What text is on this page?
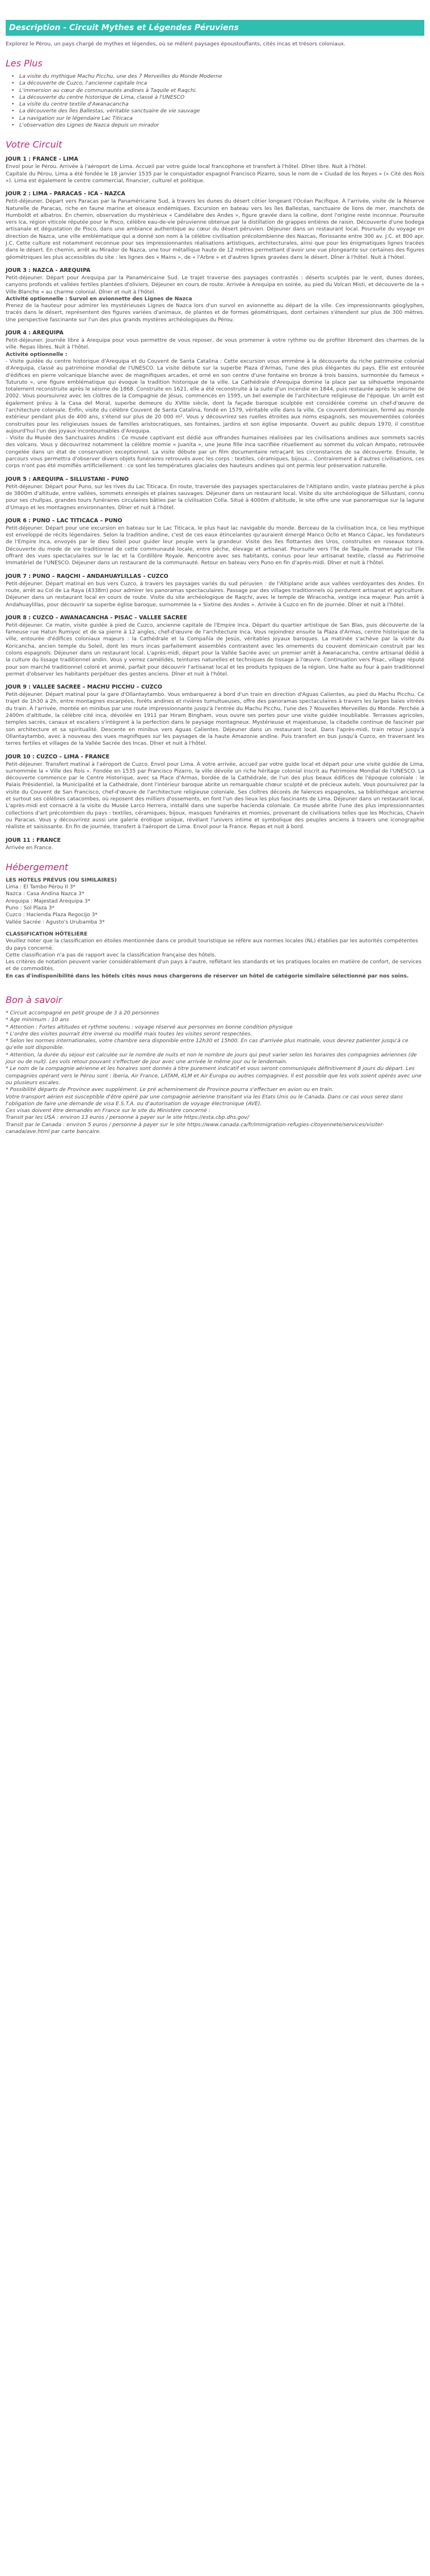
Description - Circuit Mythes et Légendes Péruviens

Explorez le Pérou, un pays chargé de mythes et légendes, où se mêlent paysages époustouflants, cités incas et trésors coloniaux.

Les Plus
• La visite du mythique Machu Picchu, une des 7 Merveilles du Monde Moderne
• La découverte de Cuzco, l'ancienne capitale Inca
• L'immersion au cœur de communautés andines à Taquile et Raqchi.
• La découverte du centre historique de Lima, classé à l'UNESCO
• La visite du centre textile d'Awanacancha
• La découverte des îles Ballestas, véritable sanctuaire de vie sauvage
• La navigation sur le légendaire Lac Titicaca
• L'observation des Lignes de Nazca depuis un mirador
Votre Circuit
JOUR 1 : FRANCE - LIMA

Envol pour le Pérou. Arrivée à l'aéroport de Lima. Accueil par votre guide local francophone et transfert à l'hôtel. Dîner libre. Nuit à l'hôtel.

Capitale du Pérou, Lima a été fondée le 18 janvier 1535 par le conquistador espagnol Francisco Pizarro, sous le nom de « Ciudad de los Reyes » (« Cité des Rois »). Lima est également le centre commercial, financier, culturel et politique.

JOUR 2 : LIMA - PARACAS - ICA - NAZCA

Petit-déjeuner. Départ vers Paracas par la Panaméricaine Sud, à travers les dunes du désert côtier longeant l'Océan Pacifique. À l'arrivée, visite de la Réserve Naturelle de Paracas, riche en faune marine et oiseaux endémiques. Excursion en bateau vers les îles Ballestas, sanctuaire de lions de mer, manchots de Humboldt et albatros. En chemin, observation du mystérieux « Candélabre des Andes », figure gravée dans la colline, dont l'origine reste inconnue. Poursuite vers Ica, région viticole réputée pour le Pisco, célèbre eau-de-vie péruvienne obtenue par la distillation de grappes entières de raisin. Découverte d'une bodega artisanale et dégustation de Pisco, dans une ambiance authentique au cœur du désert péruvien. Déjeuner dans un restaurant local. Poursuite du voyage en direction de Nazca, une ville emblématique qui a donné son nom à la célèbre civilisation précolombienne des Nazcas, florissante entre 300 av. J.C. et 800 apr. J.C. Cette culture est notamment reconnue pour ses impressionnantes réalisations artistiques, architecturales, ainsi que pour les énigmatiques lignes tracées dans le désert. En chemin, arrêt au Mirador de Nazca, une tour métallique haute de 12 mètres permettant d'avoir une vue plongeante sur certaines des figures géométriques les plus accessibles du site : les lignes des « Mains », de « l'Arbre » et d'autres lignes gravées dans le désert. Dîner à l'hôtel. Nuit à l'hôtel.

JOUR 3 : NAZCA - AREQUIPA

Petit-déjeuner. Départ pour Arequipa par la Panaméricaine Sud. Le trajet traverse des paysages contrastés : déserts sculptés par le vent, dunes dorées, canyons profonds et vallées fertiles plantées d'oliviers. Déjeuner en cours de route. Arrivée à Arequipa en soirée, au pied du Volcan Misti, et découverte de la « Ville Blanche » au charme colonial. Dîner et nuit à l'hôtel.

Activité optionnelle : Survol en avionnette des Lignes de Nazca

Prenez de la hauteur pour admirer les mystérieuses Lignes de Nazca lors d'un survol en avionnette au départ de la ville. Ces impressionnants géoglyphes, tracés dans le désert, représentent des figures variées d'animaux, de plantes et de formes géométriques, dont certaines s'étendent sur plus de 300 mètres. Une perspective fascinante sur l'un des plus grands mystères archéologiques du Pérou.

JOUR 4 : AREQUIPA

Petit-déjeuner. Journée libre à Arequipa pour vous permettre de vous reposer, de vous promener à votre rythme ou de profiter librement des charmes de la ville. Repas libres. Nuit à l'hôtel.

Activité optionnelle :

- Visite guidée du centre historique d'Arequipa et du Couvent de Santa Catalina : Cette excursion vous emmène à la découverte du riche patrimoine colonial d'Arequipa, classé au patrimoine mondial de l'UNESCO. La visite débute sur la superbe Plaza d'Armas, l'une des plus élégantes du pays. Elle est entourée d'édifices en pierre volcanique blanche avec de magnifiques arcades, et orné en son centre d'une fontaine en bronze à trois bassins, surmontée du fameux « Tuturuto », une figure emblématique qui évoque la tradition historique de la ville. La Cathédrale d'Arequipa domine la place par sa silhouette imposante totalement reconstruite après le séisme de 1868. Construite en 1621, elle a été reconstruite à la suite d'un incendie en 1844, puis restaurée après le séisme de 2002. Vous poursuivrez avec les cloîtres de la Compagnie de Jésus, commencés en 1595, un bel exemple de l'architecture religieuse de l'époque. Un arrêt est également prévu à la Casa del Moral, superbe demeure du XVIIIe siècle, dont la façade baroque sculptée est considérée comme un chef-d'œuvre de l'architecture coloniale. Enfin, visite du célèbre Couvent de Santa Catalina, fondé en 1579, véritable ville dans la ville. Ce couvent dominicain, fermé au monde extérieur pendant plus de 400 ans, s'étend sur plus de 20 000 m². Vous y découvrirez ses ruelles étroites aux noms espagnols, ses mouvementées colorées construites pour les religieuses issues de familles aristocratiques, ses fontaines, jardins et son église imposante. Ouvert au public depuis 1970, il constitue aujourd'hui l'un des joyaux incontournables d'Arequipa.

- Visite du Musée des Sanctuaires Andins : Ce musée captivant est dédié aux offrandes humaines réalisées par les civilisations andines aux sommets sacrés des volcans. Vous y découvrirez notamment la célèbre momie « Juanita », une jeune fille inca sacrifiée rituellement au sommet du volcan Ampato, retrouvée congelée dans un état de conservation exceptionnel. La visite débute par un film documentaire retraçant les circonstances de sa découverte. Ensuite, le parcours vous permettra d'observer divers objets funéraires retrouvés avec les corps : textiles, céramiques, bijoux… Contrairement à d'autres civilisations, ces corps n'ont pas été momifiés artificiellement : ce sont les températures glaciales des hauteurs andines qui ont permis leur préservation naturelle.

JOUR 5 : AREQUIPA – SILLUSTANI - PUNO

Petit-déjeuner. Départ pour Puno, sur les rives du Lac Titicaca. En route, traversée des paysages spectaculaires de l'Altiplano andin, vaste plateau perché à plus de 3800m d'altitude, entre vallées, sommets enneigés et plaines sauvages. Déjeuner dans un restaurant local. Visite du site archéologique de Sillustani, connu pour ses chullpas, grandes tours funéraires circulaires bâties par la civilisation Colla. Situé à 4000m d'altitude, le site offre une vue panoramique sur la lagune d'Umayo et les montagnes environnantes. Dîner et nuit à l'hôtel.

JOUR 6 : PUNO – LAC TITICACA – PUNO

Petit-déjeuner. Départ pour une excursion en bateau sur le Lac Titicaca, le plus haut lac navigable du monde. Berceau de la civilisation Inca, ce lieu mythique est enveloppé de récits légendaires. Selon la tradition andine, c'est de ces eaux étincelantes qu'auraient émergé Manco Ocllo et Manco Cápac, les fondateurs de l'Empire Inca, envoyés par le dieu Soleil pour guider leur peuple vers la grandeur. Visite des îles flottantes des Uros, construites en roseaux totora. Découverte du mode de vie traditionnel de cette communauté locale, entre pêche, élevage et artisanat. Poursuite vers l'île de Taquile. Promenade sur l'île offrant des vues spectaculaires sur le lac et la Cordillère Royale. Rencontre avec ses habitants, connus pour leur artisanat textile, classé au Patrimoine Immatériel de l'UNESCO. Déjeuner dans un restaurant de la communauté. Retour en bateau vers Puno en fin d'après-midi. Dîner et nuit à l'hôtel.

JOUR 7 : PUNO – RAQCHI – ANDAHUAYLILLAS - CUZCO

Petit-déjeuner. Départ matinal en bus vers Cuzco, à travers les paysages variés du sud péruvien : de l'Altiplano aride aux vallées verdoyantes des Andes. En route, arrêt au Col de La Raya (4338m) pour admirer les panoramas spectaculaires. Passage par des villages traditionnels où perdurent artisanat et agriculture. Déjeuner dans un restaurant local en cours de route. Visite du site archéologique de Raqchi, avec le temple de Wiracocha, vestige inca majeur. Puis arrêt à Andahuaylillas, pour découvrir sa superbe église baroque, surnommée la « Sixtine des Andes ». Arrivée à Cuzco en fin de journée. Dîner et nuit à l'hôtel.

JOUR 8 : CUZCO – AWANACANCHA - PISAC – VALLEE SACREE

Petit-déjeuner. Ce matin, visite guidée à pied de Cuzco, ancienne capitale de l'Empire Inca. Départ du quartier artistique de San Blas, puis découverte de la fameuse rue Hatun Rumiyoc et de sa pierre à 12 angles, chef-d'œuvre de l'architecture Inca. Vous rejoindrez ensuite la Plaza d'Armas, centre historique de la ville, entourée d'édifices coloniaux majeurs : la Cathédrale et la Compañía de Jesús, véritables joyaux baroques. La matinée s'achève par la visite du Koricancha, ancien temple du Soleil, dont les murs incas parfaitement assemblés contrastent avec les ornements du couvent dominicain construit par les colons espagnols. Déjeuner dans un restaurant local. L'après-midi, départ pour la Vallée Sacrée avec un premier arrêt à Awanacancha, centre artisanal dédié à la culture du lissage traditionnel andin. Vous y verrez camélidés, teintures naturelles et techniques de tissage à l'œuvre. Continuation vers Pisac, village réputé pour son marché traditionnel coloré et animé, parfait pour découvrir l'artisanat local et les produits typiques de la région. Une halte au four à pain traditionnel permet d'observer les habitants perpétuer des gestes anciens. Dîner et nuit à l'hôtel.

JOUR 9 : VALLEE SACREE – MACHU PICCHU – CUZCO

Petit-déjeuner. Départ matinal pour la gare d'Ollantaytambo. Vous embarquerez à bord d'un train en direction d'Aguas Calientes, au pied du Machu Picchu. Ce trajet de 1h30 à 2h, entre montagnes escarpées, forêts andines et rivières tumultueuses, offre des panoramas spectaculaires à travers les larges baies vitrées du train. À l'arrivée, montée en minibus par une route impressionnante jusqu'à l'entrée du Machu Picchu, l'une des 7 Nouvelles Merveilles du Monde. Perchée à 2400m d'altitude, la célèbre cité inca, dévoilée en 1911 par Hiram Bingham, vous ouvre ses portes pour une visite guidée inoubliable. Terrasses agricoles, temples sacrés, canaux et escaliers s'intègrent à la perfection dans le paysage montagneux. Mystérieuse et majestueuse, la citadelle continue de fasciner par son architecture et sa spiritualité. Descente en minibus vers Aguas Calientes. Déjeuner dans un restaurant local. Dans l'après-midi, train retour jusqu'à Ollantaytambo, avec à nouveau des vues magnifiques sur les paysages de la haute Amazonie andine. Puis transfert en bus jusqu'à Cuzco, en traversant les terres fertiles et villages de la Vallée Sacrée des Incas. Dîner et nuit à l'hôtel.

JOUR 10 : CUZCO – LIMA - FRANCE

Petit-déjeuner. Transfert matinal à l'aéroport de Cuzco. Envol pour Lima. À votre arrivée, accueil par votre guide local et départ pour une visite guidée de Lima, surnommée la « Ville des Rois ». Fondée en 1535 par Francisco Pizarro, la ville dévoile un riche héritage colonial inscrit au Patrimoine Mondial de l'UNESCO. La découverte commence par le Centre Historique, avec sa Place d'Armas, bordée de la Cathédrale, de l'un des plus beaux édifices de l'époque coloniale : le Palais Présidentiel, la Municipalité et la Cathédrale, dont l'intérieur baroque abrite un remarquable chœur sculpté et de précieux autels. Vous poursuivrez par la visite du Couvent de San Francisco, chef-d'œuvre de l'architecture religieuse coloniale. Ses cloîtres décorés de faïences espagnoles, sa bibliothèque ancienne et surtout ses célèbres catacombes, où reposent des milliers d'ossements, en font l'un des lieux les plus fascinants de Lima. Déjeuner dans un restaurant local. L'après-midi est consacré à la visite du Musée Larco Herrera, installé dans une superbe hacienda coloniale. Ce musée abrite l'une des plus impressionnantes collections d'art précolombien du pays : textiles, céramiques, bijoux, masques funéraires et momies, provenant de civilisations telles que les Mochicas, Chavín ou Paracas. Vous y découvrirez aussi une galerie érotique unique, révélant l'univers intime et symbolique des peuples anciens à travers une iconographie réaliste et saisissante. En fin de journée, transfert à l'aéroport de Lima. Envol pour la France. Repas et nuit à bord.

JOUR 11 : FRANCE

Arrivée en France.

Hébergement

LES HOTELS PRÉVUS (OU SIMILAIRES)

Lima : El Tambo Pérou II 3*
Nazca : Casa Andina Nazca 3*
Arequipa : Majestad Arequipa 3*
Puno : Sol Plaza 3*
Cuzco : Hacienda Plaza Regocijo 3*
Vallée Sacrée : Agusto's Urubamba 3*

CLASSIFICATION HÔTELIÈRE

Veuillez noter que la classification en étoiles mentionnée dans ce produit touristique se réfère aux normes locales (NL) établies par les autorités compétentes du pays concerné.

Cette classification n'a pas de rapport avec la classification française des hôtels.

Les critères de notation peuvent varier considérablement d'un pays à l'autre, reflétant les standards et les pratiques locales en matière de confort, de services et de commodités.

En cas d'indisponibilité dans les hôtels cités nous nous chargerons de réserver un hôtel de catégorie similaire sélectionné par nos soins.

Bon à savoir

* Circuit accompagné en petit groupe de 3 à 20 personnes

* Age minimum : 10 ans

* Attention : Fortes altitudes et rythme soutenu : voyage réservé aux personnes en bonne condition physique

* L'ordre des visites pourrait être inversé ou modifié mais toutes les visites seront respectées.

* Selon les normes internationales, votre chambre sera disponible entre 12h30 et 15h00. En cas d'arrivée plus matinale, vous devrez patienter jusqu'à ce qu'elle soit disponible.

* Attention, la durée du séjour est calculée sur le nombre de nuits et non le nombre de jours qui peut varier selon les horaires des compagnies aériennes (de jour ou de nuit). Les vols retour pouvant s'effectuer de jour avec une arrivée le même jour ou le lendemain.

* Le nom de la compagnie aérienne et les horaires sont donnés à titre purement indicatif et vous seront communiqués définitivement 8 jours du départ. Les compagnies opérant vers le Pérou sont : Iberia, Air France, LATAM, KLM et Air Europa ou autres compagnies. Il est possible que les vols soient opérés avec une ou plusieurs escales.

* Possibilité départs de Province avec supplément. Le pré acheminement de Province pourra s'effectuer en avion ou en train.

Votre transport aérien est susceptible d'être opéré par une compagnie aérienne transitant via les Etats Unis ou le Canada. Dans ce cas vous serez dans l'obligation de faire une demande de visa E.S.T.A. ou d'autorisation de voyage électronique (AVE).

Ces visas doivent être demandés en France sur le site du Ministère concerné :

Transit par les USA : environ 13 euros / personne à payer sur le site https://esta.cbp.dhs.gov/

Transit par le Canada : environ 5 euros / personne à payer sur le site https://www.canada.ca/fr/immigration-refugies-citoyennete/services/visiter-canada/ave.html par carte bancaire.
